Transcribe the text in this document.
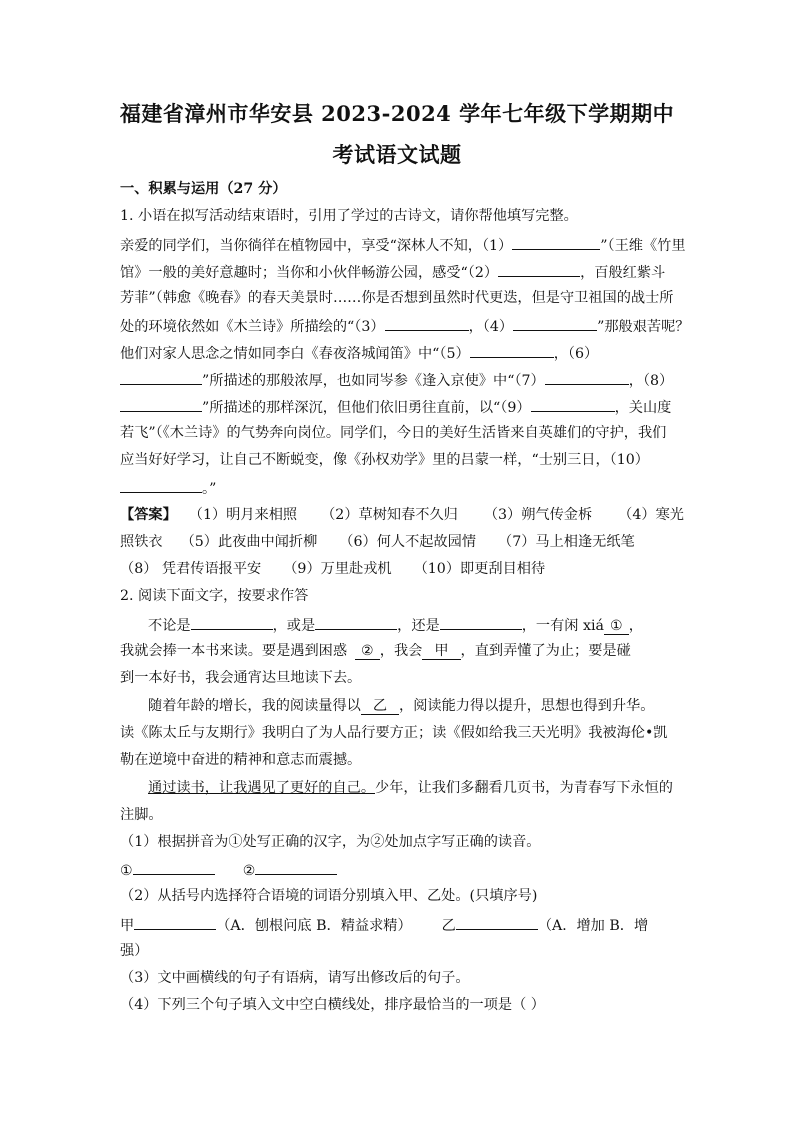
福建省漳州市华安县 2023-2024 学年七年级下学期期中
考试语文试题
一、积累与运用（27 分）
1. 小语在拟写活动结束语时，引用了学过的古诗文，请你帮他填写完整。
亲爱的同学们，当你徜徉在植物园中，享受“深林人不知，（1）	”（王维《竹里
馆》一般的美好意趣时；当你和小伙伴畅游公园，感受“（2）	，百般红紫斗
芳菲”（韩愈《晚春》的春天美景时……你是否想到虽然时代更迭，但是守卫祖国的战士所
处的环境依然如《木兰诗》所描绘的“（3）	，（4）	”那般艰苦呢？
他们对家人思念之情如同李白《春夜洛城闻笛》中“（5）	，（6）
”所描述的那般浓厚，也如同岑参《逢入京使》中“（7）	，（8）
”所描述的那样深沉，但他们依旧勇往直前，以“（9）	，关山度
若飞”（《木兰诗》的气势奔向岗位。同学们，今日的美好生活皆来自英雄们的守护，我们
应当好好学习，让自己不断蜕变，像《孙权劝学》里的吕蒙一样，“士别三日，（10）
。”
【答案】 （1）明月来相照 （2）草树知春不久归 （3）朔气传金柝 （4）寒光
照铁衣 （5）此夜曲中闻折柳 （6）何人不起故园情 （7）马上相逢无纸笔
（8） 凭君传语报平安 （9）万里赴戎机 （10）即更刮目相待
2. 阅读下面文字，按要求作答
不论是	，或是	，还是	，一有闲 xiá ① ，
我就会捧一本书来读。要是遇到困惑 ② ，我会 甲 ，直到弄懂了为止；要是碰
到一本好书，我会通宵达旦地读下去。
随着年龄的增长，我的阅读量得以 乙 ，阅读能力得以提升，思想也得到升华。
读《陈太丘与友期行》我明白了为人品行要方正；读《假如给我三天光明》我被海伦•凯
勒在逆境中奋进的精神和意志而震撼。
通过读书，让我遇见了更好的自己。少年，让我们多翻看几页书，为青春写下永恒的
注脚。
（1）根据拼音为①处写正确的汉字，为②处加点字写正确的读音。
①	②
（2）从括号内选择符合语境的词语分别填入甲、乙处。(只填序号)
甲	（A．刨根问底 B．精益求精） 乙	（A．增加 B．增
强）
（3）文中画横线的句子有语病，请写出修改后的句子。
（4）下列三个句子填入文中空白横线处，排序最恰当的一项是（ ）
